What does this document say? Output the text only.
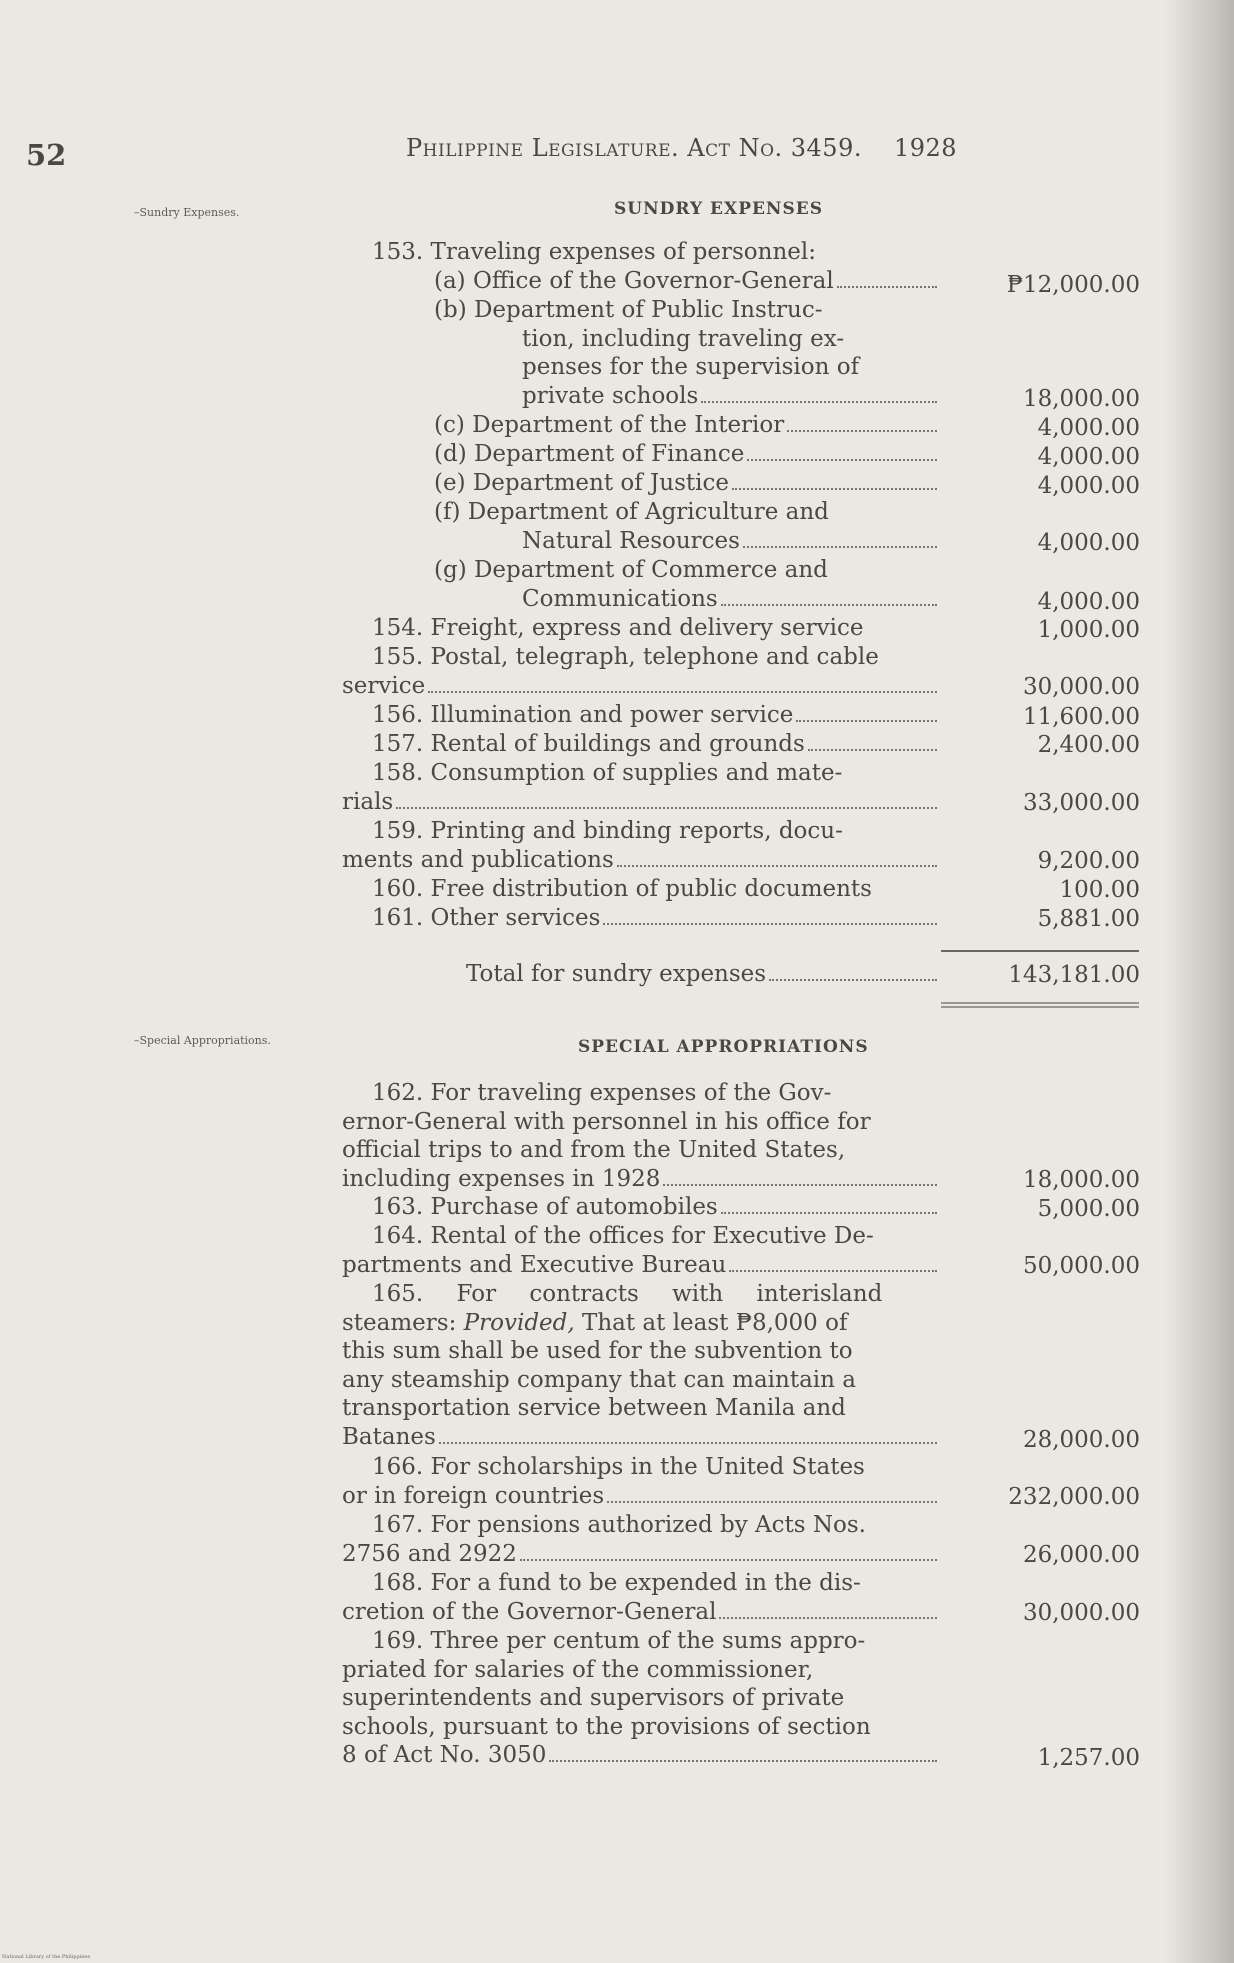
52	Philippine Legislature. Act No. 3459. 1928
–Sundry Expenses.	SUNDRY EXPENSES
153. Traveling expenses of personnel:
(a) Office of the Governor-General	₱12,000.00
(b) Department of Public Instruc-
tion, including traveling ex-
penses for the supervision of
private schools	18,000.00
(c) Department of the Interior	4,000.00
(d) Department of Finance	4,000.00
(e) Department of Justice	4,000.00
(f) Department of Agriculture and
Natural Resources	4,000.00
(g) Department of Commerce and
Communications	4,000.00
154. Freight, express and delivery service	1,000.00
155. Postal, telegraph, telephone and cable
service	30,000.00
156. Illumination and power service	11,600.00
157. Rental of buildings and grounds	2,400.00
158. Consumption of supplies and mate-
rials	33,000.00
159. Printing and binding reports, docu-
ments and publications	9,200.00
160. Free distribution of public documents	100.00
161. Other services	5,881.00
Total for sundry expenses	143,181.00
–Special Appropriations.	SPECIAL APPROPRIATIONS
162. For traveling expenses of the Gov-
ernor-General with personnel in his office for
official trips to and from the United States,
including expenses in 1928	18,000.00
163. Purchase of automobiles	5,000.00
164. Rental of the offices for Executive De-
partments and Executive Bureau	50,000.00
165. For contracts with interisland
steamers: Provided, That at least ₱8,000 of
this sum shall be used for the subvention to
any steamship company that can maintain a
transportation service between Manila and
Batanes	28,000.00
166. For scholarships in the United States
or in foreign countries	232,000.00
167. For pensions authorized by Acts Nos.
2756 and 2922	26,000.00
168. For a fund to be expended in the dis-
cretion of the Governor-General	30,000.00
169. Three per centum of the sums appro-
priated for salaries of the commissioner,
superintendents and supervisors of private
schools, pursuant to the provisions of section
8 of Act No. 3050	1,257.00
National Library of the Philippines
